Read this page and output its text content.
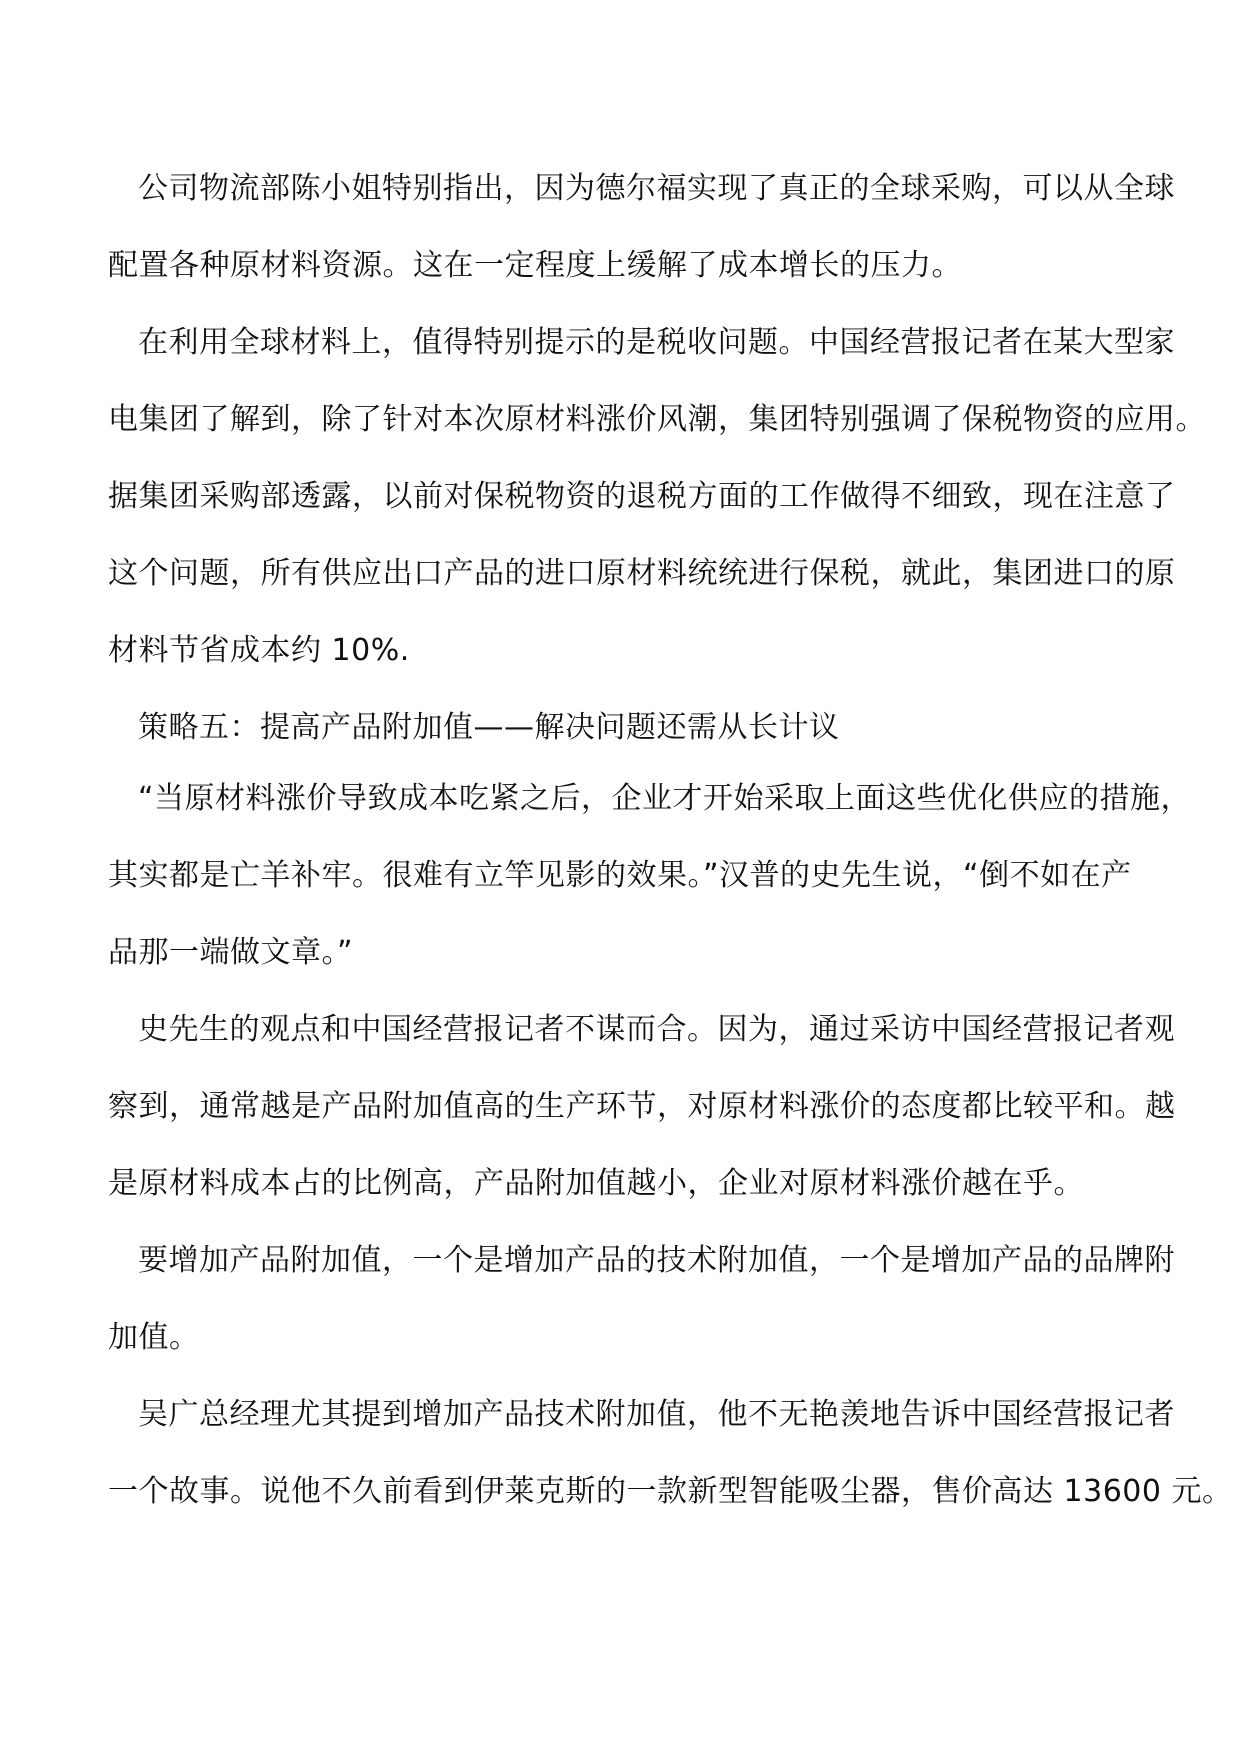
公司物流部陈小姐特别指出，因为德尔福实现了真正的全球采购，可以从全球
配置各种原材料资源。这在一定程度上缓解了成本增长的压力。
在利用全球材料上，值得特别提示的是税收问题。中国经营报记者在某大型家
电集团了解到，除了针对本次原材料涨价风潮，集团特别强调了保税物资的应用。
据集团采购部透露，以前对保税物资的退税方面的工作做得不细致，现在注意了
这个问题，所有供应出口产品的进口原材料统统进行保税，就此，集团进口的原
材料节省成本约 10%.
策略五：提高产品附加值——解决问题还需从长计议
“当原材料涨价导致成本吃紧之后，企业才开始采取上面这些优化供应的措施，
其实都是亡羊补牢。很难有立竿见影的效果。”汉普的史先生说，“倒不如在产
品那一端做文章。”
史先生的观点和中国经营报记者不谋而合。因为，通过采访中国经营报记者观
察到，通常越是产品附加值高的生产环节，对原材料涨价的态度都比较平和。越
是原材料成本占的比例高，产品附加值越小，企业对原材料涨价越在乎。
要增加产品附加值，一个是增加产品的技术附加值，一个是增加产品的品牌附
加值。
吴广总经理尤其提到增加产品技术附加值，他不无艳羡地告诉中国经营报记者
一个故事。说他不久前看到伊莱克斯的一款新型智能吸尘器，售价高达 13600 元。
